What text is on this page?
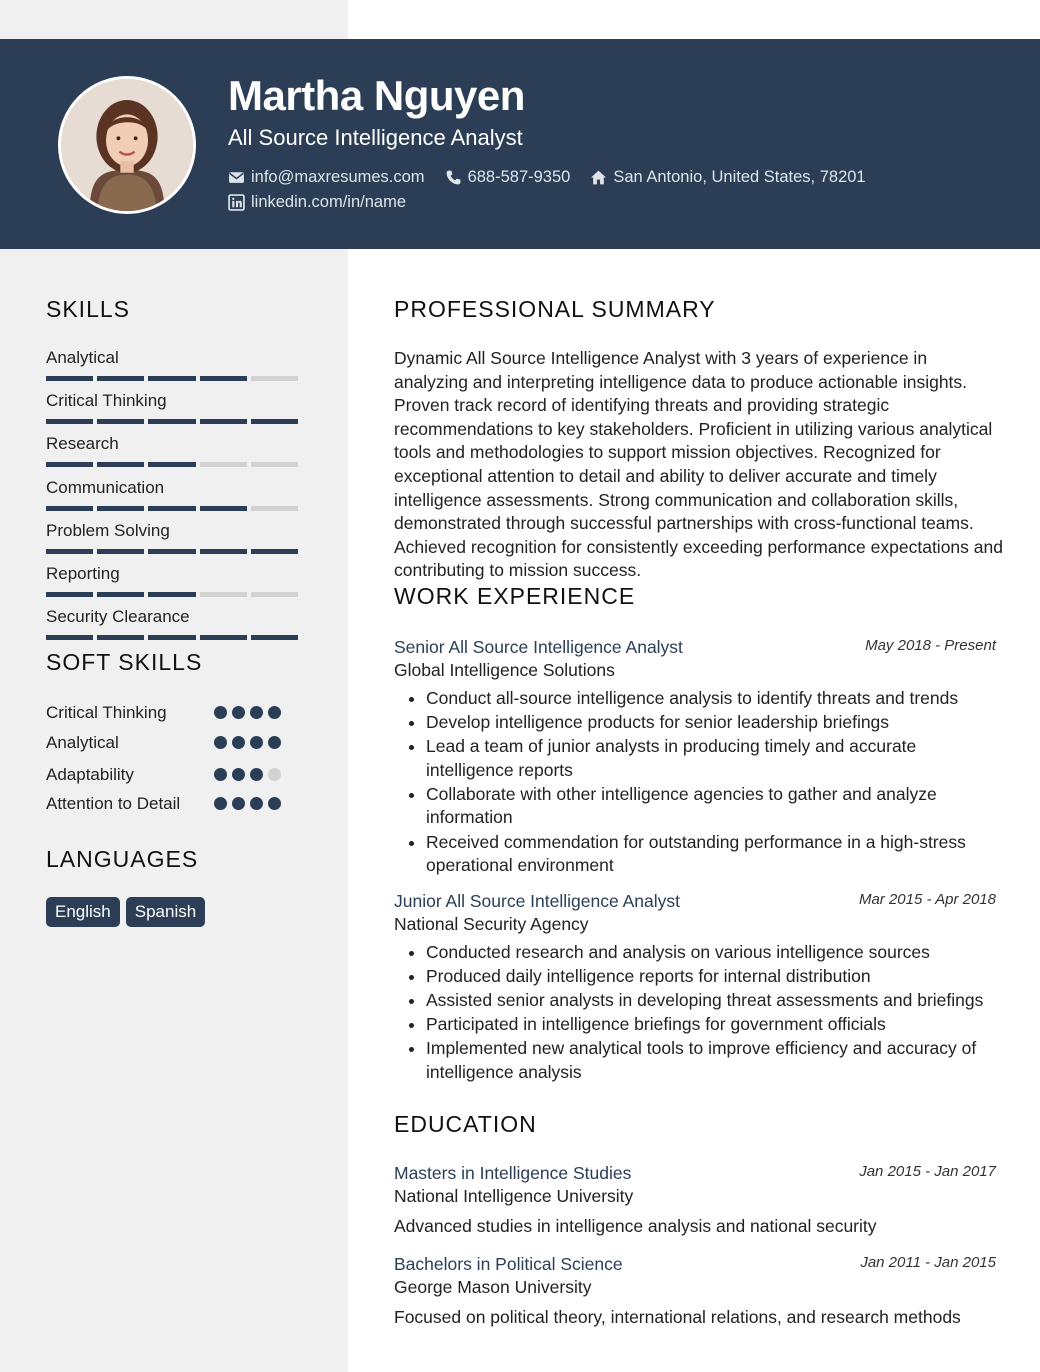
Martha Nguyen
All Source Intelligence Analyst
info@maxresumes.com	688-587-9350	San Antonio, United States, 78201
linkedin.com/in/name
SKILLS
Analytical
Critical Thinking
Research
Communication
Problem Solving
Reporting
Security Clearance
SOFT SKILLS
Critical Thinking
Analytical
Adaptability
Attention to Detail
LANGUAGES
English	Spanish
PROFESSIONAL SUMMARY
Dynamic All Source Intelligence Analyst with 3 years of experience in analyzing and interpreting intelligence data to produce actionable insights. Proven track record of identifying threats and providing strategic recommendations to key stakeholders. Proficient in utilizing various analytical tools and methodologies to support mission objectives. Recognized for exceptional attention to detail and ability to deliver accurate and timely intelligence assessments. Strong communication and collaboration skills, demonstrated through successful partnerships with cross-functional teams. Achieved recognition for consistently exceeding performance expectations and contributing to mission success.
WORK EXPERIENCE
Senior All Source Intelligence Analyst	May 2018 - Present
Global Intelligence Solutions
• Conduct all-source intelligence analysis to identify threats and trends
• Develop intelligence products for senior leadership briefings
• Lead a team of junior analysts in producing timely and accurate intelligence reports
• Collaborate with other intelligence agencies to gather and analyze information
• Received commendation for outstanding performance in a high-stress operational environment
Junior All Source Intelligence Analyst	Mar 2015 - Apr 2018
National Security Agency
• Conducted research and analysis on various intelligence sources
• Produced daily intelligence reports for internal distribution
• Assisted senior analysts in developing threat assessments and briefings
• Participated in intelligence briefings for government officials
• Implemented new analytical tools to improve efficiency and accuracy of intelligence analysis
EDUCATION
Masters in Intelligence Studies	Jan 2015 - Jan 2017
National Intelligence University
Advanced studies in intelligence analysis and national security
Bachelors in Political Science	Jan 2011 - Jan 2015
George Mason University
Focused on political theory, international relations, and research methods
